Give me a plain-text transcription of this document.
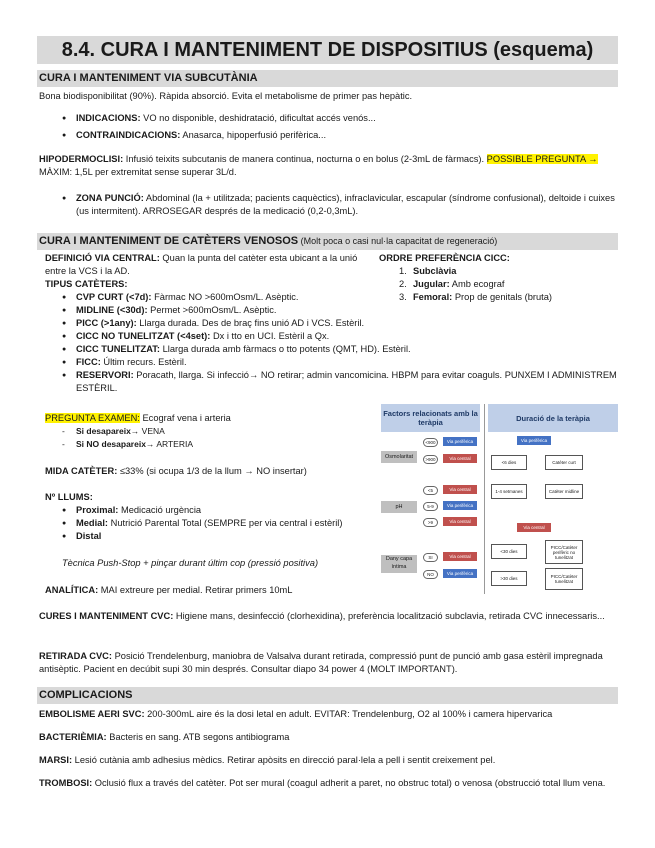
8.4. CURA I MANTENIMENT DE DISPOSITIUS (esquema)
CURA I MANTENIMENT VIA SUBCUTÀNIA
Bona biodisponibilitat (90%). Ràpida absorció. Evita el metabolisme de primer pas hepàtic.
● INDICACIONS: VO no disponible, deshidratació, dificultat accés venós...
● CONTRAINDICACIONS: Anasarca, hipoperfusió perifèrica...
HIPODERMOCLISI: Infusió teixits subcutanis de manera continua, nocturna o en bolus (2-3mL de fàrmacs). POSSIBLE PREGUNTA → MÀXIM: 1,5L per extremitat sense superar 3L/d.
● ZONA PUNCIÓ: Abdominal (la + utilitzada; pacients caquèctics), infraclavicular, escapular (síndrome confusional), deltoide i cuixes (us intermitent). ARROSEGAR després de la medicació (0,2-0,3mL).
CURA I MANTENIMENT DE CATÈTERS VENOSOS (Molt poca o casi nul·la capacitat de regeneració)
DEFINICIÓ VIA CENTRAL: Quan la punta del catèter esta ubicant a la unió entre la VCS i la AD.
ORDRE PREFERÈNCIA CICC:
1. Subclàvia
2. Jugular: Amb ecograf
3. Femoral: Prop de genitals (bruta)
TIPUS CATÈTERS:
● CVP CURT (<7d): Fàrmac NO >600mOsm/L. Asèptic.
● MIDLINE (<30d): Permet >600mOsm/L. Asèptic.
● PICC (>1any): Llarga durada. Des de braç fins unió AD i VCS. Estèril.
● CICC NO TUNELITZAT (<4set): Dx i tto en UCI. Estèril a Qx.
● CICC TUNELITZAT: Llarga durada amb fàrmacs o tto potents (QMT, HD). Estèril.
● FICC: Últim recurs. Estèril.
● RESERVORI: Poracath, llarga. Si infecció→ NO retirar; admin vancomicina. HBPM para evitar coaguls. PUNXEM I ADMINISTREM ESTÈRIL.
PREGUNTA EXAMEN: Ecograf vena i arteria
- Si desapareix→ VENA
- Si NO desapareix→ ARTERIA
MIDA CATÈTER: ≤33% (si ocupa 1/3 de la llum → NO insertar)
Nº LLUMS:
● Proximal: Medicació urgència
● Medial: Nutrició Parental Total (SEMPRE per via central i estèril)
● Distal
Tècnica Push-Stop + pinçar durant últim cop (pressió positiva)
ANALÍTICA: MAI extreure per medial. Retirar primers 10mL
Factors relacionats amb la teràpia	Duració de la teràpia
Osmolaritat
pH
Dany capa íntima
<900
>900
<5
5-9
>9
SI
NO
Via perifèrica
Via central
Via central
Via perifèrica
Via central
Via central
Via perifèrica
Via perifèrica
<6 dies	Catèter curt
1-4 setmanes	Catèter midline
Via central
<30 dies
PICC/Catèter perifèric no tunelitzat
>30 dies	PICC/Catèter tunelitzat
CURES I MANTENIMENT CVC: Higiene mans, desinfecció (clorhexidina), preferència localització subclavia, retirada CVC innecessaris...
RETIRADA CVC: Posició Trendelenburg, maniobra de Valsalva durant retirada, compressió punt de punció amb gasa estèril impregnada antisèptic. Pacient en decúbit supi 30 min després. Consultar diapo 34 power 4 (MOLT IMPORTANT).
COMPLICACIONS
EMBOLISME AERI SVC: 200-300mL aire és la dosi letal en adult. EVITAR: Trendelenburg, O2 al 100% i camera hipervarica
BACTERIÈMIA: Bacteris en sang. ATB segons antibiograma
MARSI: Lesió cutània amb adhesius mèdics. Retirar apòsits en direcció paral·lela a pell i sentit creixement pel.
TROMBOSI: Oclusió flux a través del catèter. Pot ser mural (coagul adherit a paret, no obstruc total) o venosa (obstrucció total llum vena.
